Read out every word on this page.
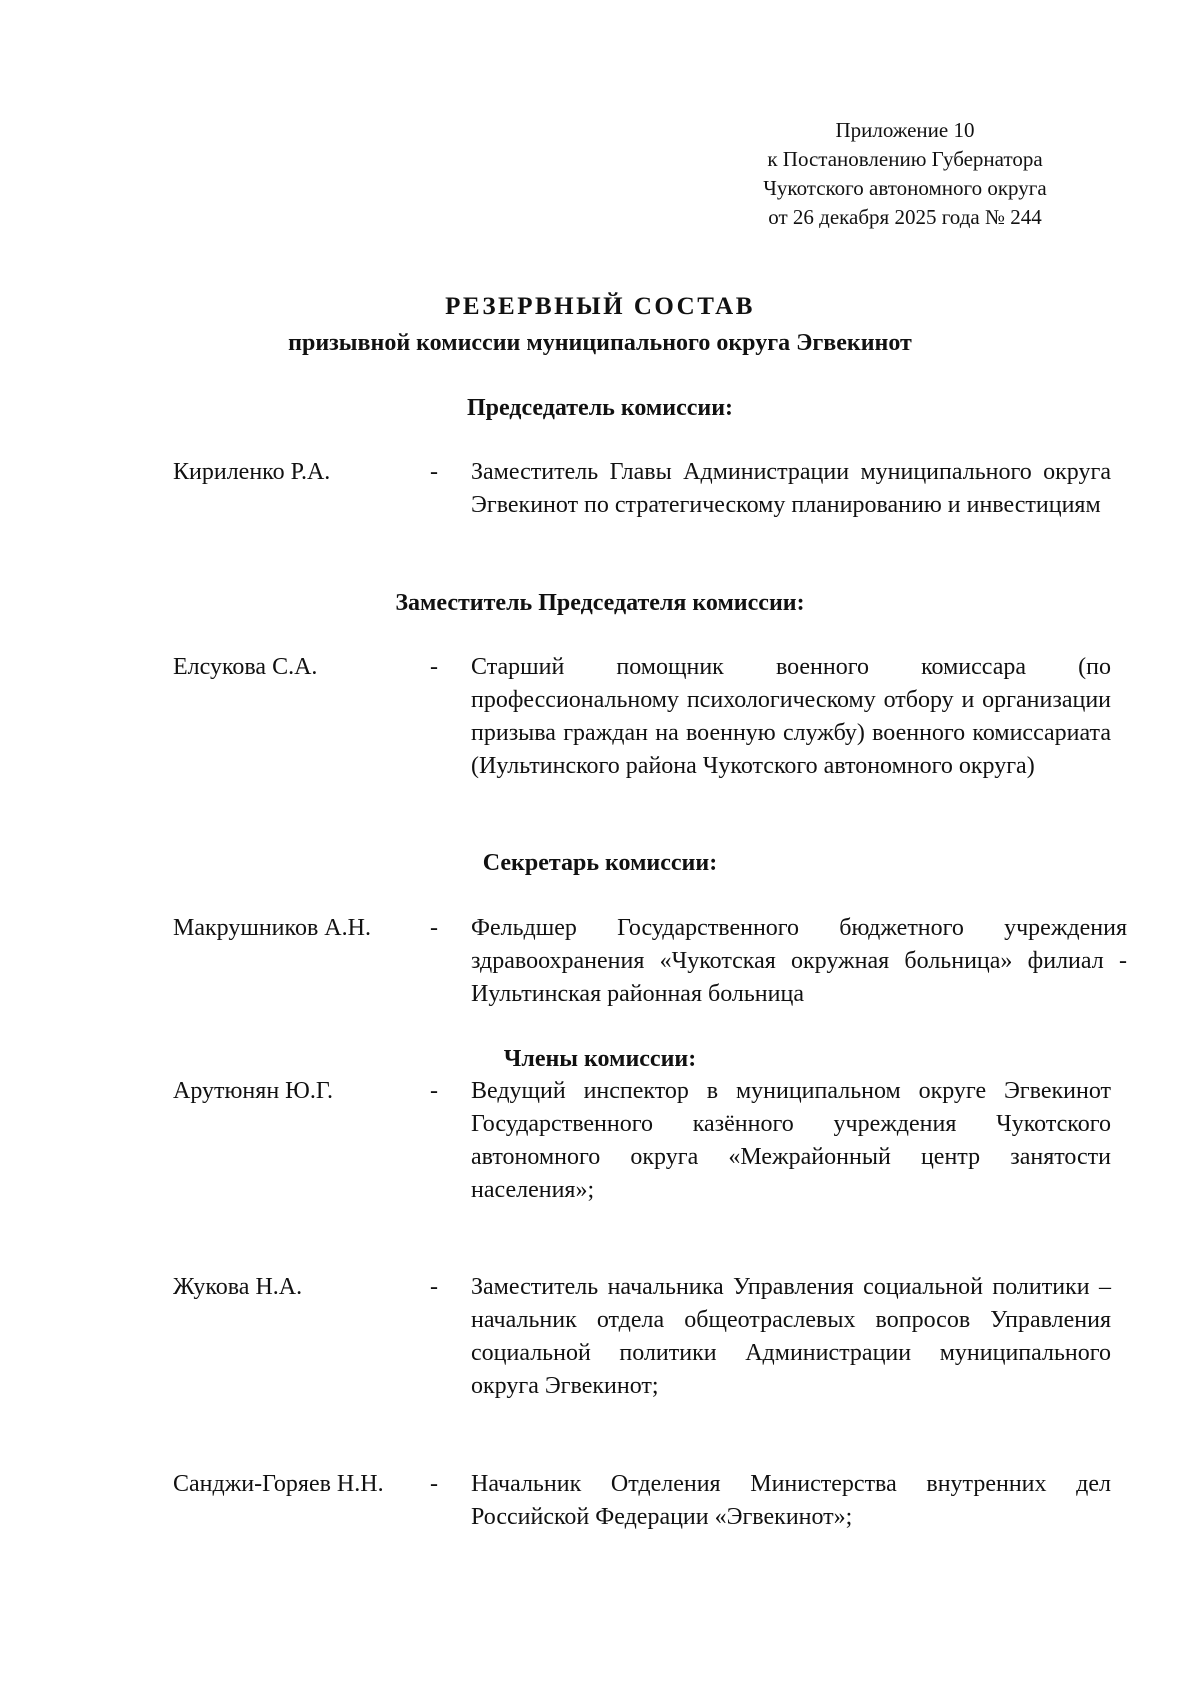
Приложение 10
к Постановлению Губернатора
Чукотского автономного округа
от 26 декабря 2025 года № 244
РЕЗЕРВНЫЙ СОСТАВ
призывной комиссии муниципального округа Эгвекинот
Председатель комиссии:
Кириленко Р.А.	- Заместитель Главы Администрации муниципального округа Эгвекинот по стратегическому планированию и инвестициям

Заместитель Председателя комиссии:
Елсукова С.А.	- Старший помощник военного комиссара (по профессиональному психологическому отбору и организации призыва граждан на военную службу) военного комиссариата (Иультинского района Чукотского автономного округа)

Секретарь комиссии:
Макрушников А.Н. - Фельдшер Государственного бюджетного учреждения здравоохранения «Чукотская окружная больница» филиал - Иультинская районная больница

Члены комиссии:
Арутюнян Ю.Г.	- Ведущий инспектор в муниципальном округе Эгвекинот Государственного казённого учреждения Чукотского автономного округа «Межрайонный центр занятости населения»;

Жукова Н.А.	- Заместитель начальника Управления социальной политики – начальник отдела общеотраслевых вопросов Управления социальной политики Администрации муниципального округа Эгвекинот;

Санджи-Горяев Н.Н. - Начальник Отделения Министерства внутренних дел Российской Федерации «Эгвекинот»;
